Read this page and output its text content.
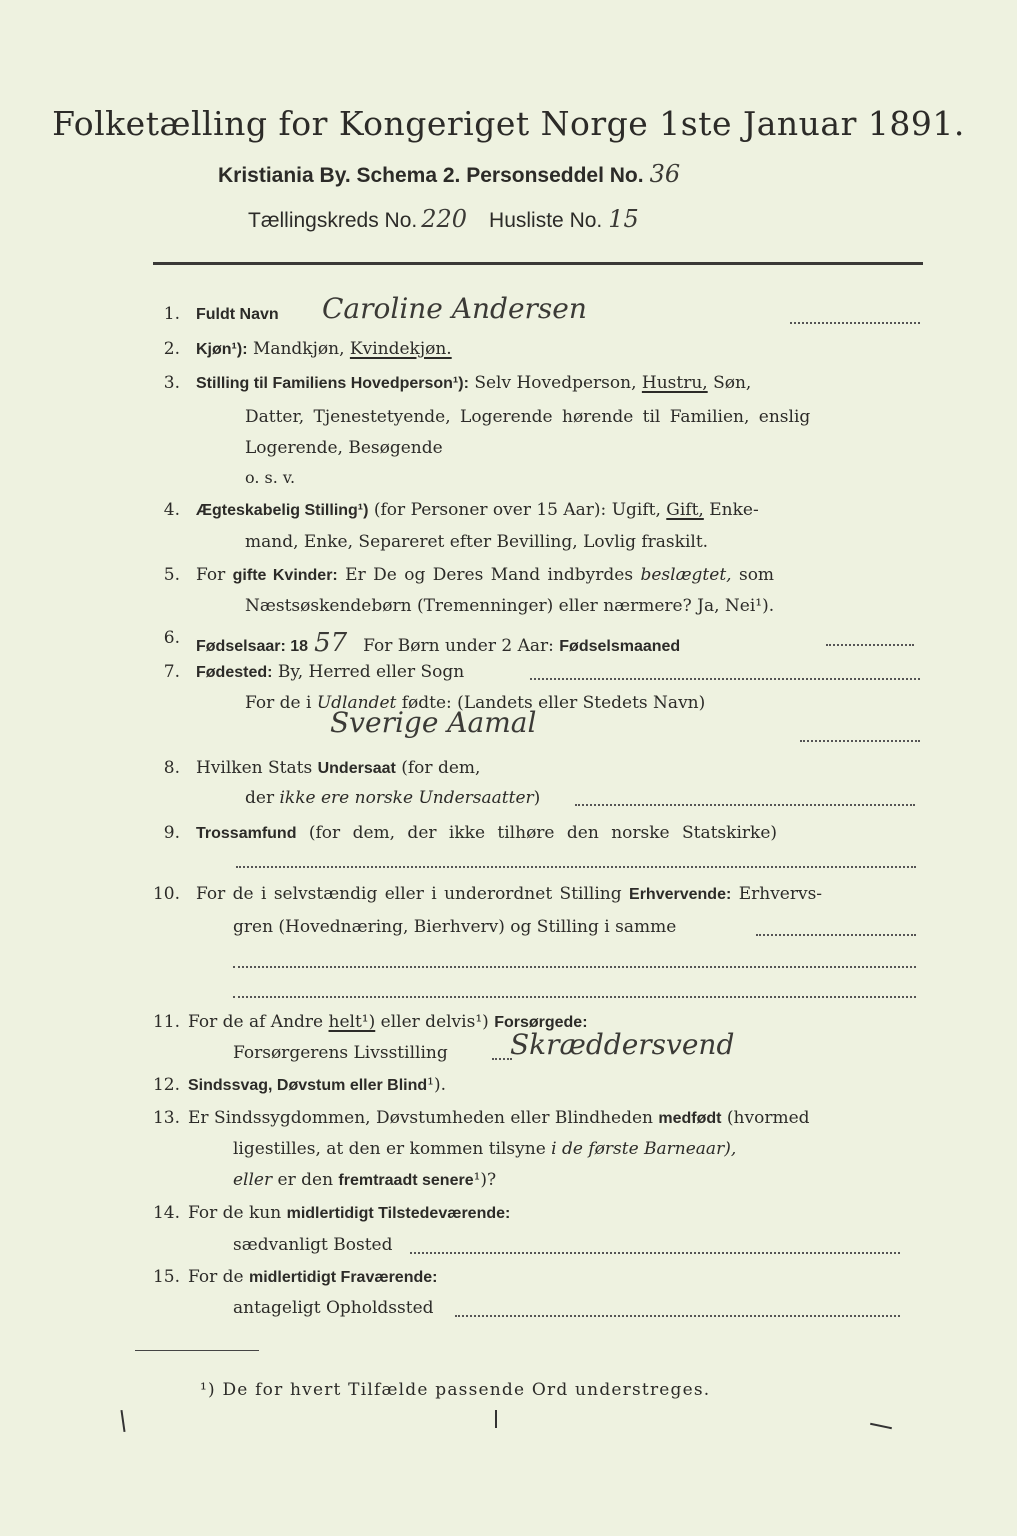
Folketælling for Kongeriget Norge 1ste Januar 1891.
Kristiania By. Schema 2. Personseddel No. 36
Tællingskreds No. 220 Husliste No. 15
1. Fuldt Navn Caroline Andersen
2. Kjøn¹): Mandkjøn, Kvindekjøn.
3. Stilling til Familiens Hovedperson¹): Selv Hovedperson, Hustru, Søn,
Datter, Tjenestetyende, Logerende hørende til Familien, enslig
Logerende, Besøgende
o. s. v.
4. Ægteskabelig Stilling¹) (for Personer over 15 Aar): Ugift, Gift, Enke-
mand, Enke, Separeret efter Bevilling, Lovlig fraskilt.
5. For gifte Kvinder: Er De og Deres Mand indbyrdes beslægtet, som
Næstsøskendebørn (Tremenninger) eller nærmere? Ja, Nei¹).
6. Fødselsaar: 18 57 For Børn under 2 Aar: Fødselsmaaned
7. Fødested: By, Herred eller Sogn
For de i Udlandet fødte: (Landets eller Stedets Navn)
Sverige Aamal
8. Hvilken Stats Undersaat (for dem,
der ikke ere norske Undersaatter)
9. Trossamfund (for dem, der ikke tilhøre den norske Statskirke)
10. For de i selvstændig eller i underordnet Stilling Erhvervende: Erhvervs-
gren (Hovednæring, Bierhverv) og Stilling i samme
11. For de af Andre helt¹) eller delvis¹) Forsørgede:
Forsørgerens Livsstilling Skræddersvend
12. Sindssvag, Døvstum eller Blind¹).
13. Er Sindssygdommen, Døvstumheden eller Blindheden medfødt (hvormed
ligestilles, at den er kommen tilsyne i de første Barneaar),
eller er den fremtraadt senere¹)?
14. For de kun midlertidigt Tilstedeværende:
sædvanligt Bosted
15. For de midlertidigt Fraværende:
antageligt Opholdssted
¹) De for hvert Tilfælde passende Ord understreges.
